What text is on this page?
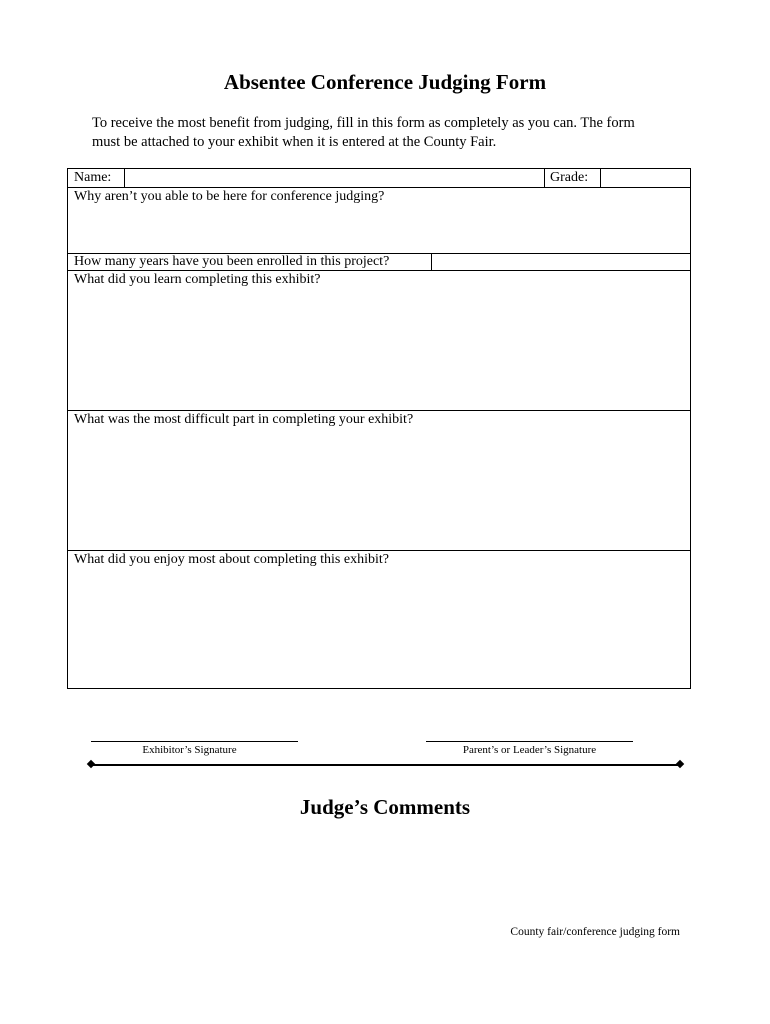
Absentee Conference Judging Form
To receive the most benefit from judging, fill in this form as completely as you can. The form
must be attached to your exhibit when it is entered at the County Fair.
Name:	Grade:
Why aren’t you able to be here for conference judging?
How many years have you been enrolled in this project?
What did you learn completing this exhibit?
What was the most difficult part in completing your exhibit?
What did you enjoy most about completing this exhibit?
Exhibitor’s Signature	Parent’s or Leader’s Signature
Judge’s Comments
County fair/conference judging form
